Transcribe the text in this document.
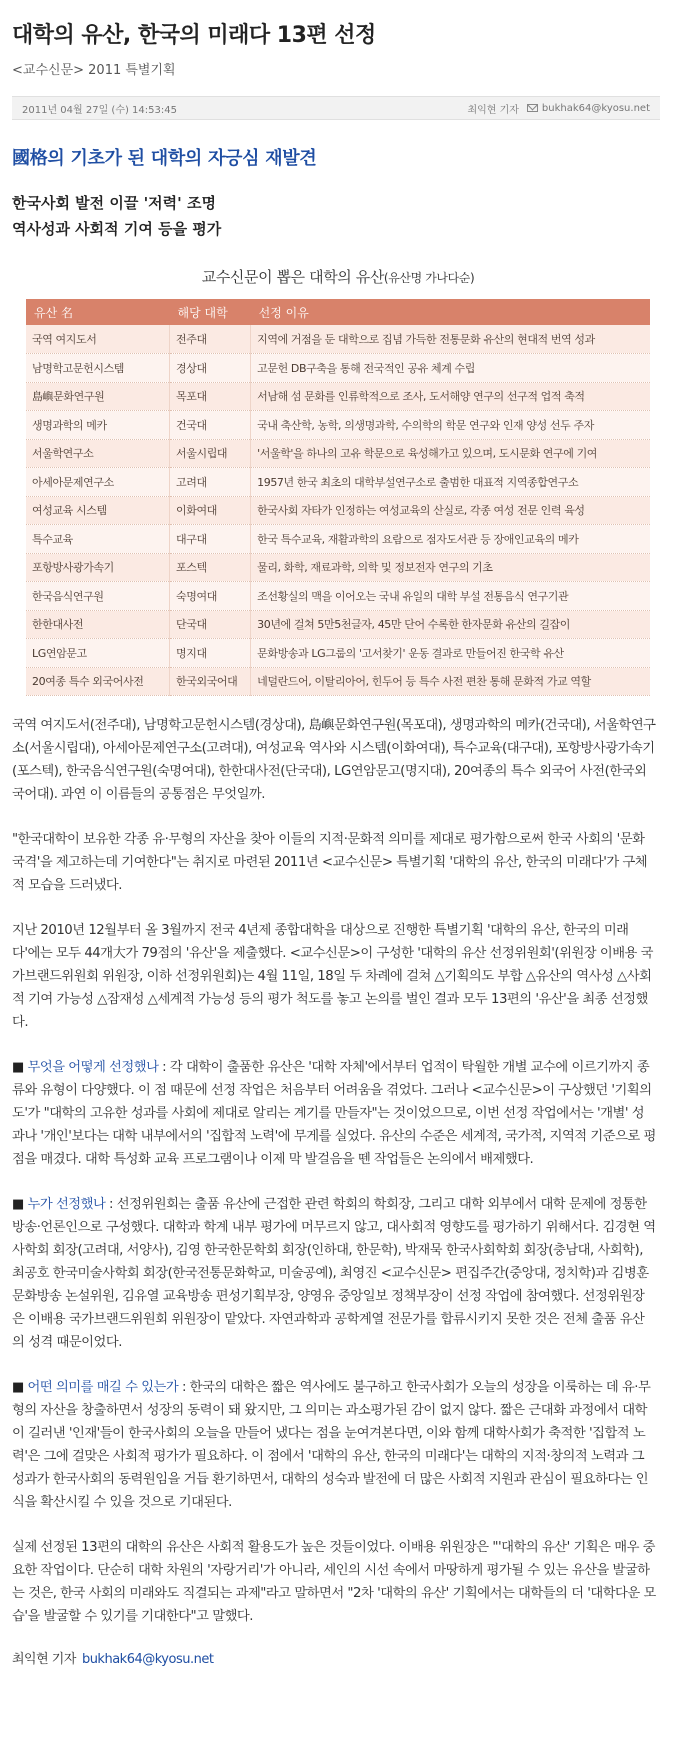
대학의 유산, 한국의 미래다 13편 선정
<교수신문> 2011 특별기획
2011년 04월 27일 (수) 14:53:45	최익현 기자 bukhak64@kyosu.net
國格의 기초가 된 대학의 자긍심 재발견
한국사회 발전 이끌 '저력' 조명
역사성과 사회적 기여 등을 평가
교수신문이 뽑은 대학의 유산(유산명 가나다순)
유산 名	해당 대학	선정 이유
국역 여지도서	전주대	지역에 거점을 둔 대학으로 집념 가득한 전통문화 유산의 현대적 번역 성과
남명학고문헌시스템	경상대	고문헌 DB구축을 통해 전국적인 공유 체계 수립
島嶼문화연구원	목포대	서남해 섬 문화를 인류학적으로 조사, 도서해양 연구의 선구적 업적 축적
생명과학의 메카	건국대	국내 축산학, 농학, 의생명과학, 수의학의 학문 연구와 인재 양성 선두 주자
서울학연구소	서울시립대	'서울학'을 하나의 고유 학문으로 육성해가고 있으며, 도시문화 연구에 기여
아세아문제연구소	고려대	1957년 한국 최초의 대학부설연구소로 출범한 대표적 지역종합연구소
여성교육 시스템	이화여대	한국사회 자타가 인정하는 여성교육의 산실로, 각종 여성 전문 인력 육성
특수교육	대구대	한국 특수교육, 재활과학의 요람으로 점자도서관 등 장애인교육의 메카
포항방사광가속기	포스텍	물리, 화학, 재료과학, 의학 및 정보전자 연구의 기초
한국음식연구원	숙명여대	조선황실의 맥을 이어오는 국내 유일의 대학 부설 전통음식 연구기관
한한대사전	단국대	30년에 걸쳐 5만5천글자, 45만 단어 수록한 한자문화 유산의 길잡이
LG연암문고	명지대	문화방송과 LG그룹의 '고서찾기' 운동 결과로 만들어진 한국학 유산
20여종 특수 외국어사전	한국외국어대	네덜란드어, 이탈리아어, 힌두어 등 특수 사전 편찬 통해 문화적 가교 역할

국역 여지도서(전주대), 남명학고문헌시스템(경상대), 島嶼문화연구원(목포대), 생명과학의 메카(건국대), 서울학연구소(서울시립대), 아세아문제연구소(고려대), 여성교육 역사와 시스템(이화여대), 특수교육(대구대), 포항방사광가속기(포스텍), 한국음식연구원(숙명여대), 한한대사전(단국대), LG연암문고(명지대), 20여종의 특수 외국어 사전(한국외국어대). 과연 이 이름들의 공통점은 무엇일까.

"한국대학이 보유한 각종 유·무형의 자산을 찾아 이들의 지적·문화적 의미를 제대로 평가함으로써 한국 사회의 '문화 국격'을 제고하는데 기여한다"는 취지로 마련된 2011년 <교수신문> 특별기획 '대학의 유산, 한국의 미래다'가 구체적 모습을 드러냈다.

지난 2010년 12월부터 올 3월까지 전국 4년제 종합대학을 대상으로 진행한 특별기획 '대학의 유산, 한국의 미래다'에는 모두 44개大가 79점의 '유산'을 제출했다. <교수신문>이 구성한 '대학의 유산 선정위원회'(위원장 이배용 국가브랜드위원회 위원장, 이하 선정위원회)는 4월 11일, 18일 두 차례에 걸쳐 △기획의도 부합 △유산의 역사성 △사회적 기여 가능성 △잠재성 △세계적 가능성 등의 평가 척도를 놓고 논의를 벌인 결과 모두 13편의 '유산'을 최종 선정했다.

■ 무엇을 어떻게 선정했나 : 각 대학이 출품한 유산은 '대학 자체'에서부터 업적이 탁월한 개별 교수에 이르기까지 종류와 유형이 다양했다. 이 점 때문에 선정 작업은 처음부터 어려움을 겪었다. 그러나 <교수신문>이 구상했던 '기획의도'가 "대학의 고유한 성과를 사회에 제대로 알리는 계기를 만들자"는 것이었으므로, 이번 선정 작업에서는 '개별' 성과나 '개인'보다는 대학 내부에서의 '집합적 노력'에 무게를 실었다. 유산의 수준은 세계적, 국가적, 지역적 기준으로 평점을 매겼다. 대학 특성화 교육 프로그램이나 이제 막 발걸음을 뗀 작업들은 논의에서 배제했다.

■ 누가 선정했나 : 선정위원회는 출품 유산에 근접한 관련 학회의 학회장, 그리고 대학 외부에서 대학 문제에 정통한 방송·언론인으로 구성했다. 대학과 학계 내부 평가에 머무르지 않고, 대사회적 영향도를 평가하기 위해서다. 김경현 역사학회 회장(고려대, 서양사), 김영 한국한문학회 회장(인하대, 한문학), 박재묵 한국사회학회 회장(충남대, 사회학), 최공호 한국미술사학회 회장(한국전통문화학교, 미술공예), 최영진 <교수신문> 편집주간(중앙대, 정치학)과 김병훈 문화방송 논설위원, 김유열 교육방송 편성기획부장, 양영유 중앙일보 정책부장이 선정 작업에 참여했다. 선정위원장은 이배용 국가브랜드위원회 위원장이 맡았다. 자연과학과 공학계열 전문가를 합류시키지 못한 것은 전체 출품 유산의 성격 때문이었다.

■ 어떤 의미를 매길 수 있는가 : 한국의 대학은 짧은 역사에도 불구하고 한국사회가 오늘의 성장을 이룩하는 데 유·무형의 자산을 창출하면서 성장의 동력이 돼 왔지만, 그 의미는 과소평가된 감이 없지 않다. 짧은 근대화 과정에서 대학이 길러낸 '인재'들이 한국사회의 오늘을 만들어 냈다는 점을 눈여겨본다면, 이와 함께 대학사회가 축적한 '집합적 노력'은 그에 걸맞은 사회적 평가가 필요하다. 이 점에서 '대학의 유산, 한국의 미래다'는 대학의 지적·창의적 노력과 그 성과가 한국사회의 동력원임을 거듭 환기하면서, 대학의 성숙과 발전에 더 많은 사회적 지원과 관심이 필요하다는 인식을 확산시킬 수 있을 것으로 기대된다.

실제 선정된 13편의 대학의 유산은 사회적 활용도가 높은 것들이었다. 이배용 위원장은 "'대학의 유산' 기획은 매우 중요한 작업이다. 단순히 대학 차원의 '자랑거리'가 아니라, 세인의 시선 속에서 마땅하게 평가될 수 있는 유산을 발굴하는 것은, 한국 사회의 미래와도 직결되는 과제"라고 말하면서 "2차 '대학의 유산' 기획에서는 대학들의 더 '대학다운 모습'을 발굴할 수 있기를 기대한다"고 말했다.

최익현 기자 bukhak64@kyosu.net
